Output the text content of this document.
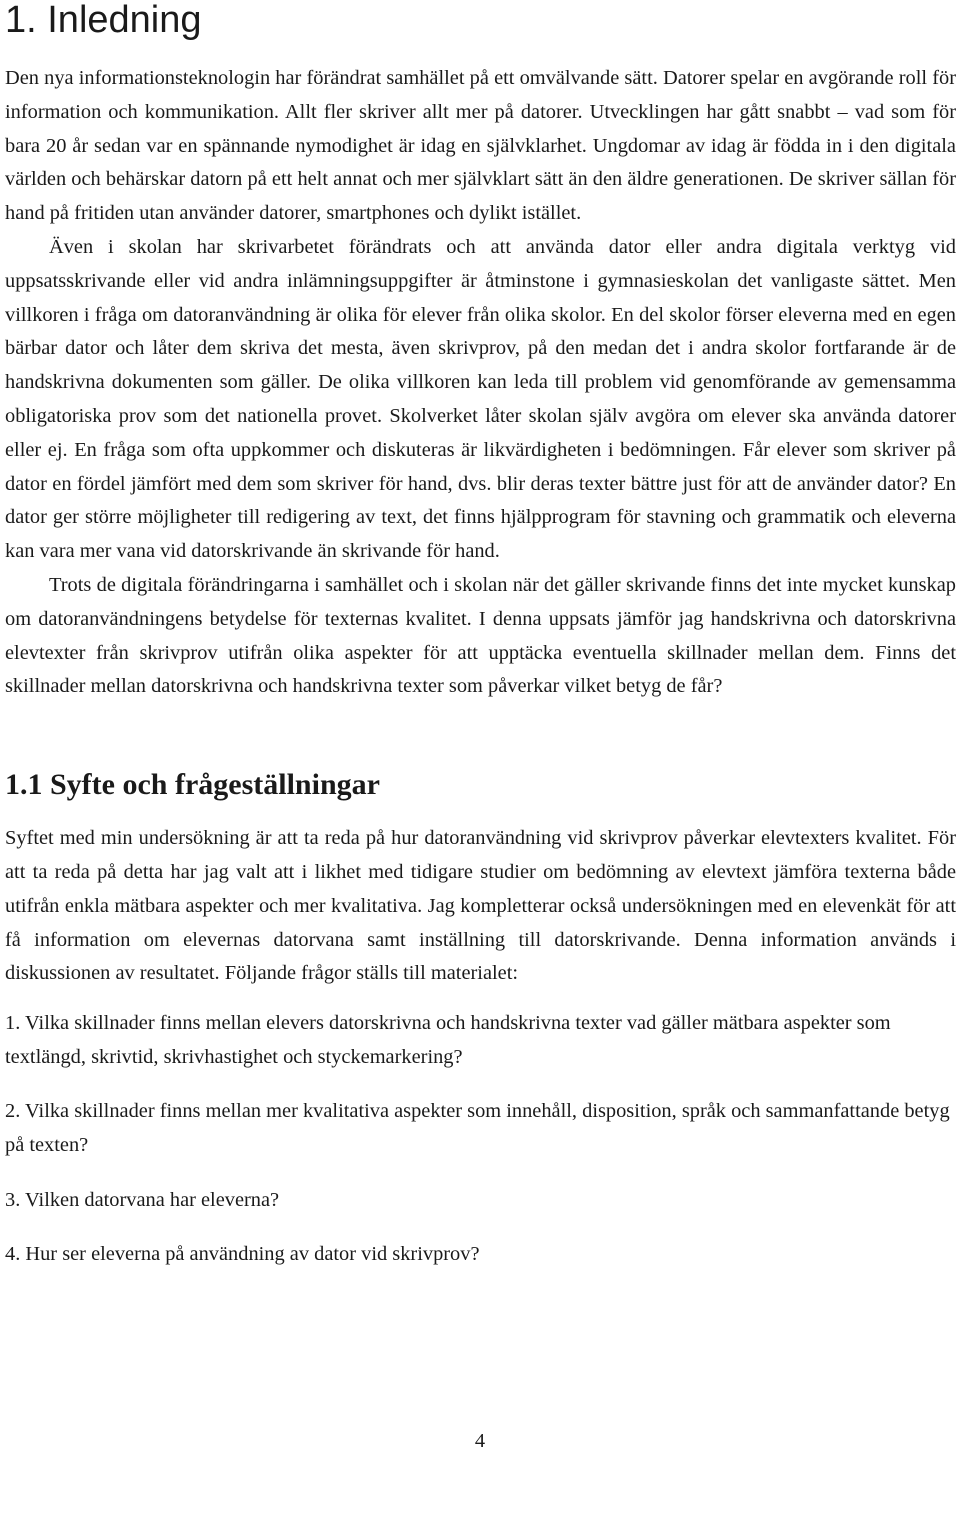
1. Inledning

Den nya informationsteknologin har förändrat samhället på ett omvälvande sätt. Datorer spelar en avgörande roll för information och kommunikation. Allt fler skriver allt mer på datorer. Utvecklingen har gått snabbt – vad som för bara 20 år sedan var en spännande nymodighet är idag en självklarhet. Ungdomar av idag är födda in i den digitala världen och behärskar datorn på ett helt annat och mer självklart sätt än den äldre generationen. De skriver sällan för hand på fritiden utan använder datorer, smartphones och dylikt istället.

Även i skolan har skrivarbetet förändrats och att använda dator eller andra digitala verktyg vid uppsatsskrivande eller vid andra inlämningsuppgifter är åtminstone i gymnasieskolan det vanligaste sättet. Men villkoren i fråga om datoranvändning är olika för elever från olika skolor. En del skolor förser eleverna med en egen bärbar dator och låter dem skriva det mesta, även skrivprov, på den medan det i andra skolor fortfarande är de handskrivna dokumenten som gäller. De olika villkoren kan leda till problem vid genomförande av gemensamma obligatoriska prov som det nationella provet. Skolverket låter skolan själv avgöra om elever ska använda datorer eller ej. En fråga som ofta uppkommer och diskuteras är likvärdigheten i bedömningen. Får elever som skriver på dator en fördel jämfört med dem som skriver för hand, dvs. blir deras texter bättre just för att de använder dator? En dator ger större möjligheter till redigering av text, det finns hjälpprogram för stavning och grammatik och eleverna kan vara mer vana vid datorskrivande än skrivande för hand.

Trots de digitala förändringarna i samhället och i skolan när det gäller skrivande finns det inte mycket kunskap om datoranvändningens betydelse för texternas kvalitet. I denna uppsats jämför jag handskrivna och datorskrivna elevtexter från skrivprov utifrån olika aspekter för att upptäcka eventuella skillnader mellan dem. Finns det skillnader mellan datorskrivna och handskrivna texter som påverkar vilket betyg de får?

1.1 Syfte och frågeställningar

Syftet med min undersökning är att ta reda på hur datoranvändning vid skrivprov påverkar elevtexters kvalitet. För att ta reda på detta har jag valt att i likhet med tidigare studier om bedömning av elevtext jämföra texterna både utifrån enkla mätbara aspekter och mer kvalitativa. Jag kompletterar också undersökningen med en elevenkät för att få information om elevernas datorvana samt inställning till datorskrivande. Denna information används i diskussionen av resultatet. Följande frågor ställs till materialet:

1. Vilka skillnader finns mellan elevers datorskrivna och handskrivna texter vad gäller mätbara aspekter som textlängd, skrivtid, skrivhastighet och styckemarkering?
2. Vilka skillnader finns mellan mer kvalitativa aspekter som innehåll, disposition, språk och sammanfattande betyg på texten?
3. Vilken datorvana har eleverna?
4. Hur ser eleverna på användning av dator vid skrivprov?
4
